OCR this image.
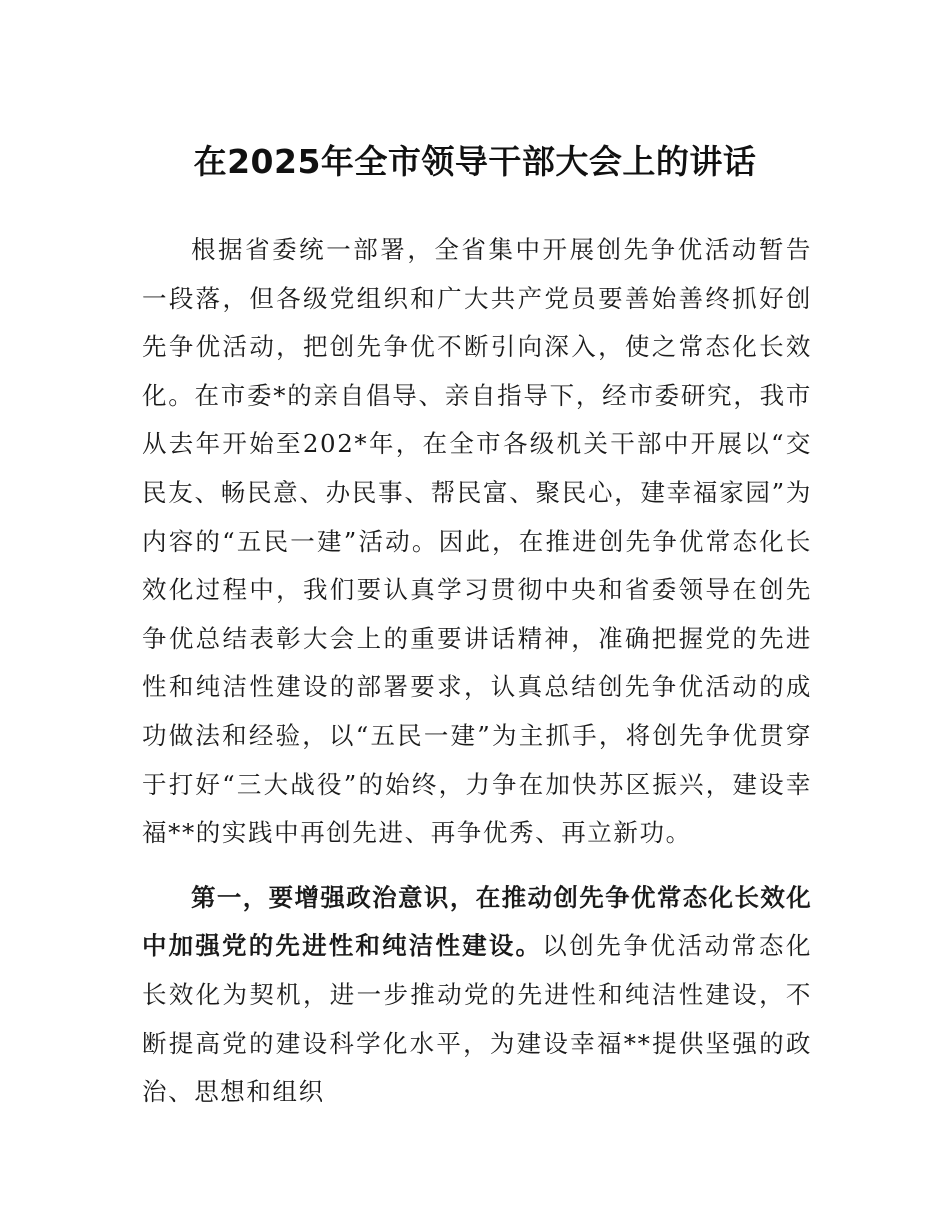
在2025年全市领导干部大会上的讲话

根据省委统一部署，全省集中开展创先争优活动暂告一段落，但各级党组织和广大共产党员要善始善终抓好创先争优活动，把创先争优不断引向深入，使之常态化长效化。在市委*的亲自倡导、亲自指导下，经市委研究，我市从去年开始至202*年，在全市各级机关干部中开展以“交民友、畅民意、办民事、帮民富、聚民心，建幸福家园”为内容的“五民一建”活动。因此，在推进创先争优常态化长效化过程中，我们要认真学习贯彻中央和省委领导在创先争优总结表彰大会上的重要讲话精神，准确把握党的先进性和纯洁性建设的部署要求，认真总结创先争优活动的成功做法和经验，以“五民一建”为主抓手，将创先争优贯穿于打好“三大战役”的始终，力争在加快苏区振兴，建设幸福**的实践中再创先进、再争优秀、再立新功。

第一，要增强政治意识，在推动创先争优常态化长效化中加强党的先进性和纯洁性建设。以创先争优活动常态化长效化为契机，进一步推动党的先进性和纯洁性建设，不断提高党的建设科学化水平，为建设幸福**提供坚强的政治、思想和组织
